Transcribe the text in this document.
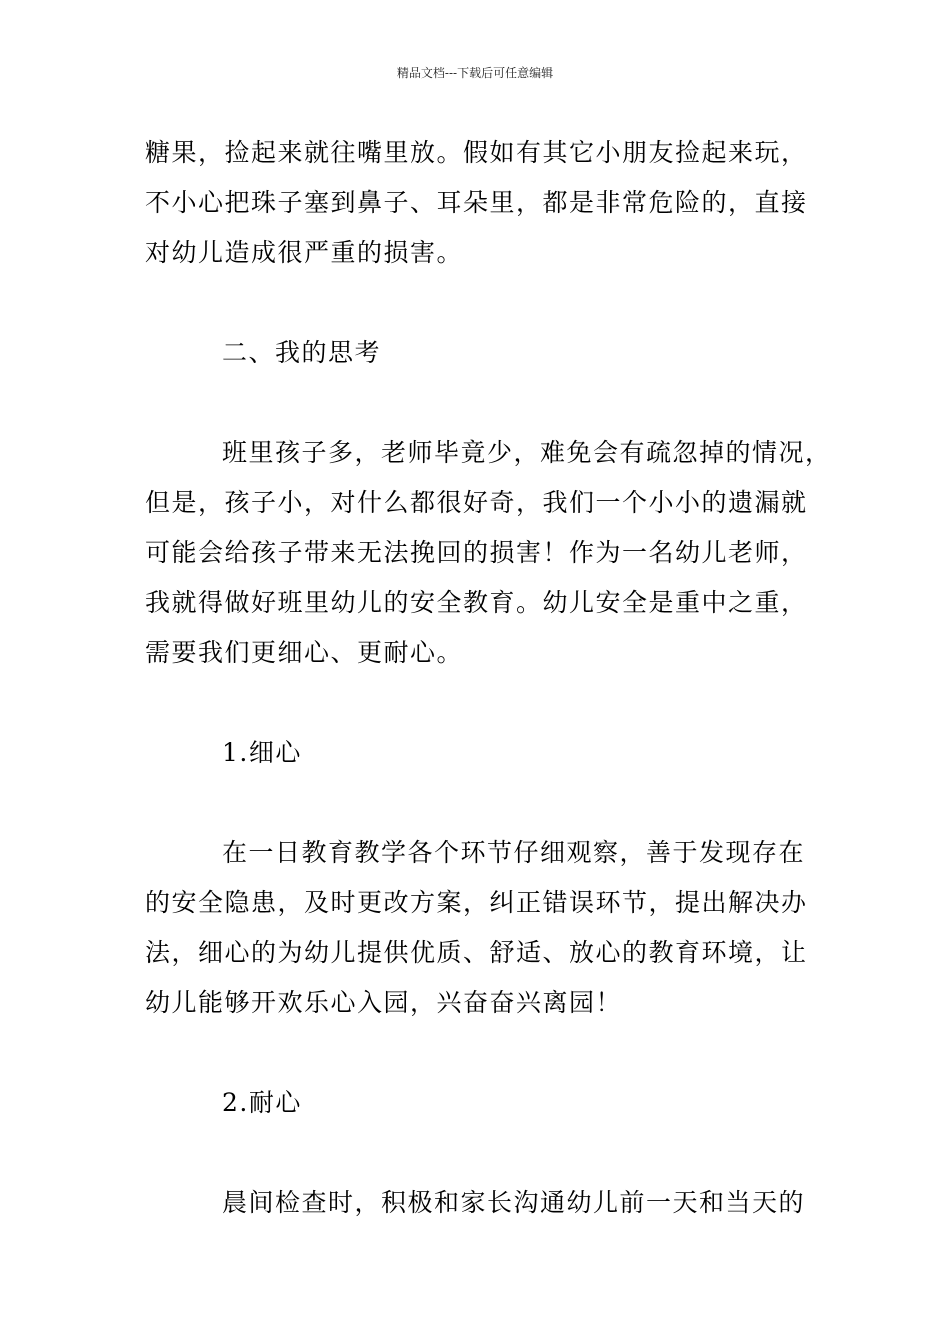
精品文档---下载后可任意编辑
糖果，捡起来就往嘴里放。假如有其它小朋友捡起来玩，
不小心把珠子塞到鼻子、耳朵里，都是非常危险的，直接
对幼儿造成很严重的损害。
二、我的思考
班里孩子多，老师毕竟少，难免会有疏忽掉的情况，
但是，孩子小，对什么都很好奇，我们一个小小的遗漏就
可能会给孩子带来无法挽回的损害！作为一名幼儿老师，
我就得做好班里幼儿的安全教育。幼儿安全是重中之重，
需要我们更细心、更耐心。
1.细心
在一日教育教学各个环节仔细观察，善于发现存在
的安全隐患，及时更改方案，纠正错误环节，提出解决办
法，细心的为幼儿提供优质、舒适、放心的教育环境，让
幼儿能够开欢乐心入园，兴奋奋兴离园！
2.耐心
晨间检查时，积极和家长沟通幼儿前一天和当天的
